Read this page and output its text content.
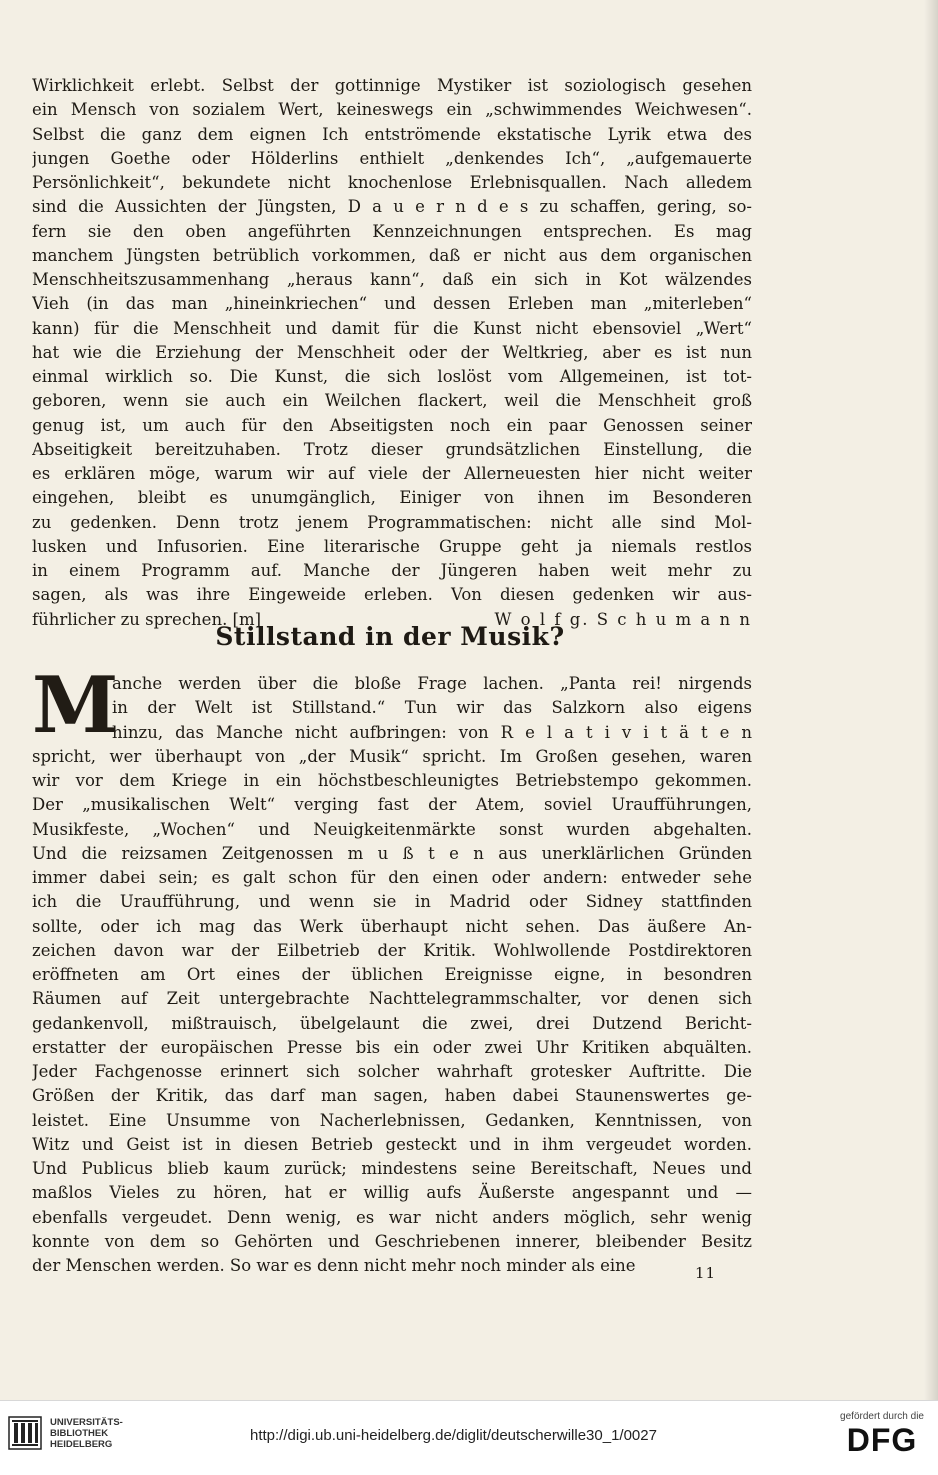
Wirklichkeit erlebt. Selbst der gottinnige Mystiker ist soziologisch gesehen
ein Mensch von sozialem Wert, keineswegs ein „schwimmendes Weichwesen“.
Selbst die ganz dem eignen Ich entströmende ekstatische Lyrik etwa des
jungen Goethe oder Hölderlins enthielt „denkendes Ich“, „aufgemauerte
Persönlichkeit“, bekundete nicht knochenlose Erlebnisquallen. Nach alledem
sind die Aussichten der Jüngsten, D a u e r n d e s zu schaffen, gering, so-
fern sie den oben angeführten Kennzeichnungen entsprechen. Es mag
manchem Jüngsten betrüblich vorkommen, daß er nicht aus dem organischen
Menschheitszusammenhang „heraus kann“, daß ein sich in Kot wälzendes
Vieh (in das man „hineinkriechen“ und dessen Erleben man „miterleben“
kann) für die Menschheit und damit für die Kunst nicht ebensoviel „Wert“
hat wie die Erziehung der Menschheit oder der Weltkrieg, aber es ist nun
einmal wirklich so. Die Kunst, die sich loslöst vom Allgemeinen, ist tot-
geboren, wenn sie auch ein Weilchen flackert, weil die Menschheit groß
genug ist, um auch für den Abseitigsten noch ein paar Genossen seiner
Abseitigkeit bereitzuhaben. Trotz dieser grundsätzlichen Einstellung, die
es erklären möge, warum wir auf viele der Allerneuesten hier nicht weiter
eingehen, bleibt es unumgänglich, Einiger von ihnen im Besonderen
zu gedenken. Denn trotz jenem Programmatischen: nicht alle sind Mol-
lusken und Infusorien. Eine literarische Gruppe geht ja niemals restlos
in einem Programm auf. Manche der Jüngeren haben weit mehr zu
sagen, als was ihre Eingeweide erleben. Von diesen gedenken wir aus-
führlicher zu sprechen. [m]	W o l f g. S c h u m a n n
Stillstand in der Musik?
M
anche werden über die bloße Frage lachen. „Panta rei! nirgends
in der Welt ist Stillstand.“ Tun wir das Salzkorn also eigens
hinzu, das Manche nicht aufbringen: von R e l a t i v i t ä t e n
spricht, wer überhaupt von „der Musik“ spricht. Im Großen gesehen, waren
wir vor dem Kriege in ein höchstbeschleunigtes Betriebstempo gekommen.
Der „musikalischen Welt“ verging fast der Atem, soviel Uraufführungen,
Musikfeste, „Wochen“ und Neuigkeitenmärkte sonst wurden abgehalten.
Und die reizsamen Zeitgenossen m u ß t e n aus unerklärlichen Gründen
immer dabei sein; es galt schon für den einen oder andern: entweder sehe
ich die Uraufführung, und wenn sie in Madrid oder Sidney stattfinden
sollte, oder ich mag das Werk überhaupt nicht sehen. Das äußere An-
zeichen davon war der Eilbetrieb der Kritik. Wohlwollende Postdirektoren
eröffneten am Ort eines der üblichen Ereignisse eigne, in besondren
Räumen auf Zeit untergebrachte Nachttelegrammschalter, vor denen sich
gedankenvoll, mißtrauisch, übelgelaunt die zwei, drei Dutzend Bericht-
erstatter der europäischen Presse bis ein oder zwei Uhr Kritiken abquälten.
Jeder Fachgenosse erinnert sich solcher wahrhaft grotesker Auftritte. Die
Größen der Kritik, das darf man sagen, haben dabei Staunenswertes ge-
leistet. Eine Unsumme von Nacherlebnissen, Gedanken, Kenntnissen, von
Witz und Geist ist in diesen Betrieb gesteckt und in ihm vergeudet worden.
Und Publicus blieb kaum zurück; mindestens seine Bereitschaft, Neues und
maßlos Vieles zu hören, hat er willig aufs Äußerste angespannt und —
ebenfalls vergeudet. Denn wenig, es war nicht anders möglich, sehr wenig
konnte von dem so Gehörten und Geschriebenen innerer, bleibender Besitz
der Menschen werden. So war es denn nicht mehr noch minder als eine	11
UNIVERSITÄTS-
BIBLIOTHEK
HEIDELBERG	http://digi.ub.uni-heidelberg.de/diglit/deutscherwille30_1/0027
gefördert durch die
DFG
